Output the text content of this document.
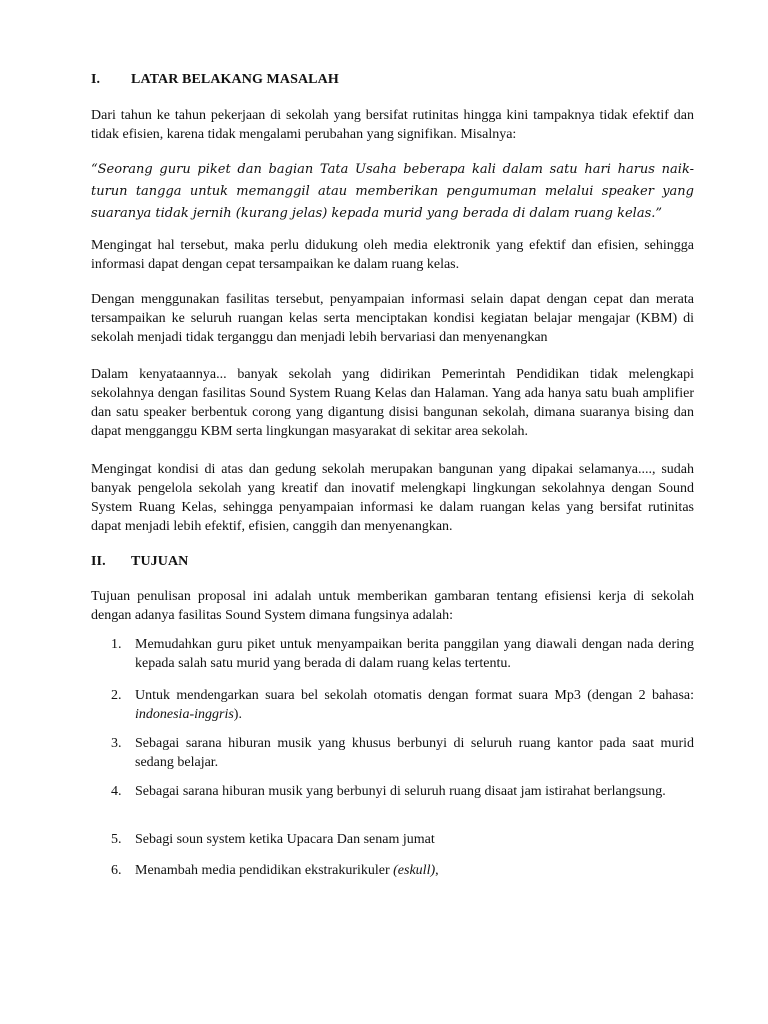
I. LATAR BELAKANG MASALAH

Dari tahun ke tahun pekerjaan di sekolah yang bersifat rutinitas hingga kini tampaknya tidak efektif dan tidak efisien, karena tidak mengalami perubahan yang signifikan. Misalnya:

“Seorang guru piket dan bagian Tata Usaha beberapa kali dalam satu hari harus naik-turun tangga untuk memanggil atau memberikan pengumuman melalui speaker yang suaranya tidak jernih (kurang jelas) kepada murid yang berada di dalam ruang kelas.”

Mengingat hal tersebut, maka perlu didukung oleh media elektronik yang efektif dan efisien, sehingga informasi dapat dengan cepat tersampaikan ke dalam ruang kelas.

Dengan menggunakan fasilitas tersebut, penyampaian informasi selain dapat dengan cepat dan merata tersampaikan ke seluruh ruangan kelas serta menciptakan kondisi kegiatan belajar mengajar (KBM) di sekolah menjadi tidak terganggu dan menjadi lebih bervariasi dan menyenangkan

Dalam kenyataannya... banyak sekolah yang didirikan Pemerintah Pendidikan tidak melengkapi sekolahnya dengan fasilitas Sound System Ruang Kelas dan Halaman. Yang ada hanya satu buah amplifier dan satu speaker berbentuk corong yang digantung disisi bangunan sekolah, dimana suaranya bising dan dapat mengganggu KBM serta lingkungan masyarakat di sekitar area sekolah.

Mengingat kondisi di atas dan gedung sekolah merupakan bangunan yang dipakai selamanya...., sudah banyak pengelola sekolah yang kreatif dan inovatif melengkapi lingkungan sekolahnya dengan Sound System Ruang Kelas, sehingga penyampaian informasi ke dalam ruangan kelas yang bersifat rutinitas dapat menjadi lebih efektif, efisien, canggih dan menyenangkan.

II. TUJUAN

Tujuan penulisan proposal ini adalah untuk memberikan gambaran tentang efisiensi kerja di sekolah dengan adanya fasilitas Sound System dimana fungsinya adalah:

1. Memudahkan guru piket untuk menyampaikan berita panggilan yang diawali dengan nada dering kepada salah satu murid yang berada di dalam ruang kelas tertentu.
2. Untuk mendengarkan suara bel sekolah otomatis dengan format suara Mp3 (dengan 2 bahasa: indonesia-inggris).
3. Sebagai sarana hiburan musik yang khusus berbunyi di seluruh ruang kantor pada saat murid sedang belajar.
4. Sebagai sarana hiburan musik yang berbunyi di seluruh ruang disaat jam istirahat berlangsung.
5. Sebagi soun system ketika Upacara Dan senam jumat
6. Menambah media pendidikan ekstrakurikuler (eskull),
